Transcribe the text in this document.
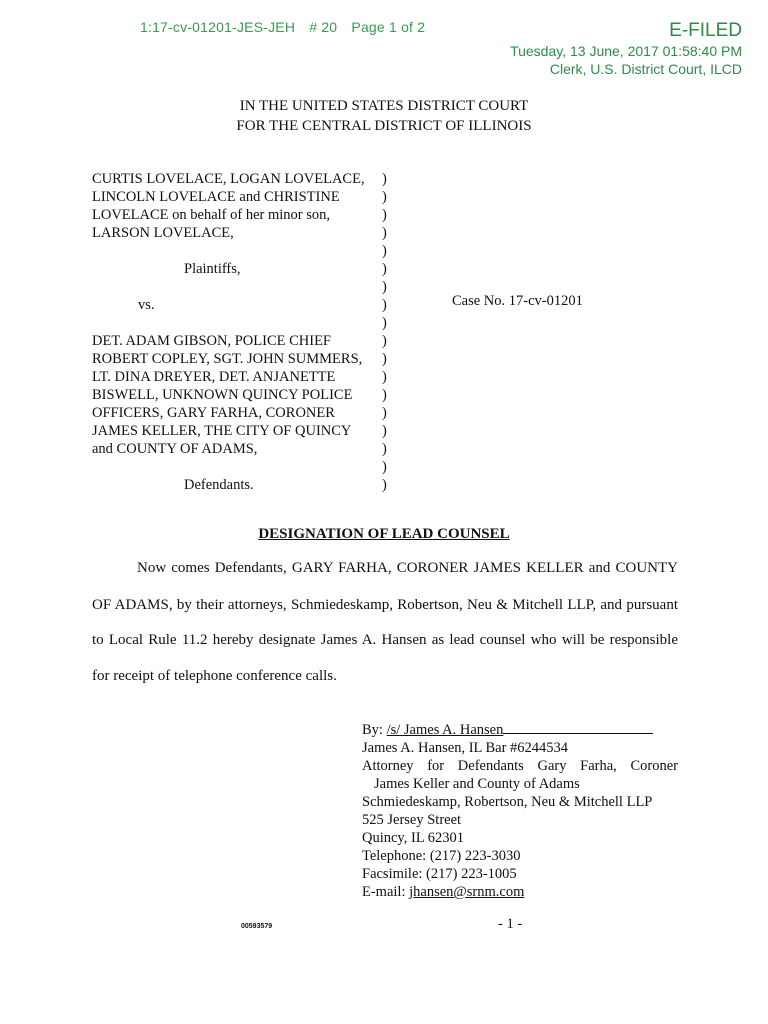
1:17-cv-01201-JES-JEH # 20 Page 1 of 2	E-FILED
Tuesday, 13 June, 2017 01:58:40 PM
Clerk, U.S. District Court, ILCD
IN THE UNITED STATES DISTRICT COURT
FOR THE CENTRAL DISTRICT OF ILLINOIS
CURTIS LOVELACE, LOGAN LOVELACE, )
LINCOLN LOVELACE and CHRISTINE	)
LOVELACE on behalf of her minor son,	)
LARSON LOVELACE,	)
)
Plaintiffs,	)
)
vs.	)
)
DET. ADAM GIBSON, POLICE CHIEF	)
ROBERT COPLEY, SGT. JOHN SUMMERS, )
LT. DINA DREYER, DET. ANJANETTE	)
BISWELL, UNKNOWN QUINCY POLICE )
OFFICERS, GARY FARHA, CORONER	)
JAMES KELLER, THE CITY OF QUINCY )
and COUNTY OF ADAMS,	)
)
Defendants.	)
Case No. 17-cv-01201
DESIGNATION OF LEAD COUNSEL
Now comes Defendants, GARY FARHA, CORONER JAMES KELLER and COUNTY
OF ADAMS, by their attorneys, Schmiedeskamp, Robertson, Neu & Mitchell LLP, and pursuant
to Local Rule 11.2 hereby designate James A. Hansen as lead counsel who will be responsible
for receipt of telephone conference calls.
By: /s/ James A. Hansen
James A. Hansen, IL Bar #6244534
Attorney for Defendants Gary Farha, Coroner
James Keller and County of Adams
Schmiedeskamp, Robertson, Neu & Mitchell LLP
525 Jersey Street
Quincy, IL 62301
Telephone: (217) 223-3030
Facsimile: (217) 223-1005
E-mail: jhansen@srnm.com
00593579	- 1 -
